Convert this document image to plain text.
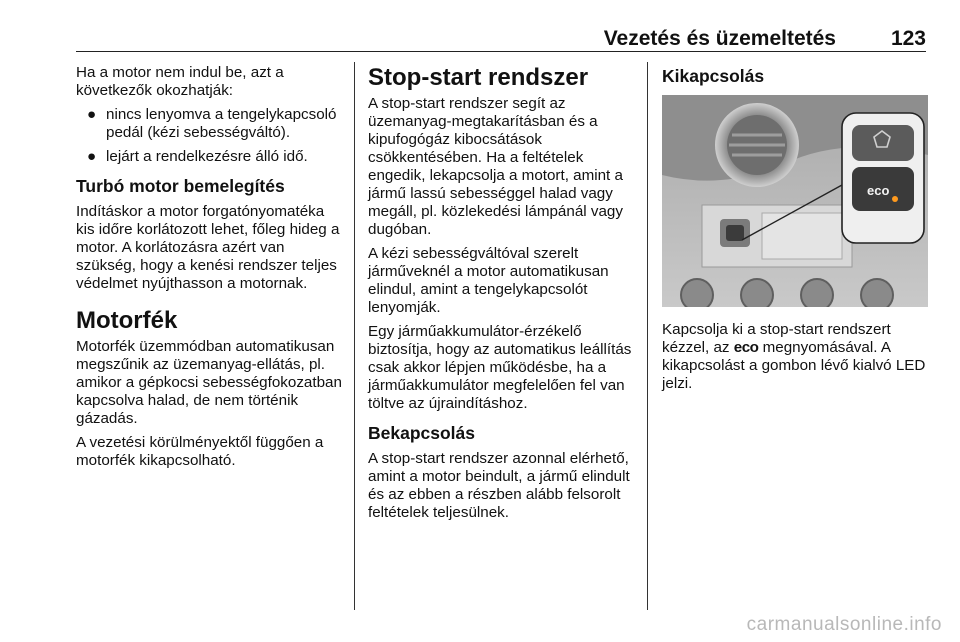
Vezetés és üzemeltetés	123

Ha a motor nem indul be, azt a következők okozhatják:

● nincs lenyomva a tengelykapcsoló pedál (kézi sebességváltó).
● lejárt a rendelkezésre álló idő.
Turbó motor bemelegítés

Indításkor a motor forgatónyomatéka kis időre korlátozott lehet, főleg hideg a motor. A korlátozásra azért van szükség, hogy a kenési rendszer teljes védelmet nyújthasson a motornak.

Motorfék

Motorfék üzemmódban automatikusan megszűnik az üzemanyag-ellátás, pl. amikor a gépkocsi sebességfokozatban kapcsolva halad, de nem történik gázadás.

A vezetési körülményektől függően a motorfék kikapcsolható.

Stop-start rendszer

A stop-start rendszer segít az üzemanyag-megtakarításban és a kipufogógáz kibocsátások csökkentésében. Ha a feltételek engedik, lekapcsolja a motort, amint a jármű lassú sebességgel halad vagy megáll, pl. közlekedési lámpánál vagy dugóban.

A kézi sebességváltóval szerelt járműveknél a motor automatikusan elindul, amint a tengelykapcsolót lenyomják.

Egy járműakkumulátor-érzékelő biztosítja, hogy az automatikus leállítás csak akkor lépjen működésbe, ha a járműakkumulátor megfelelően fel van töltve az újraindításhoz.

Bekapcsolás

A stop-start rendszer azonnal elérhető, amint a motor beindult, a jármű elindult és az ebben a részben alább felsorolt feltételek teljesülnek.

Kikapcsolás
eco

Kapcsolja ki a stop-start rendszert kézzel, az eco megnyomásával. A kikapcsolást a gombon lévő kialvó LED jelzi.

carmanualsonline.info
